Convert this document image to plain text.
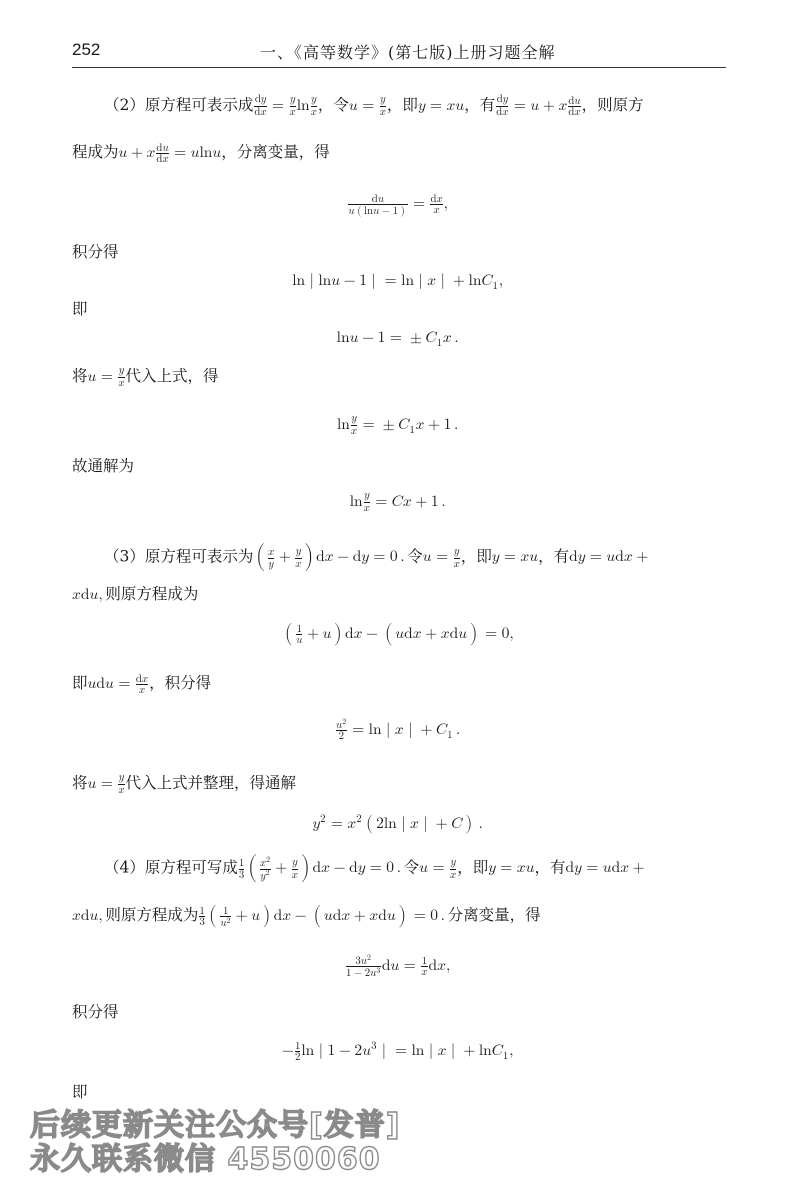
252	一、《高等数学》(第七版)上册习题全解
（2）原方程可表示成 d y
d x = y
𝑥 ln y
𝑥 ，令 u = y
𝑥 ，即 y = x u ，有 d y
d x = u + x d u
d x ，则原方
程成为 u + x d u
d x = u ln u ，分离变量，得
d u
𝑢 ( ln u − 1 ) = d x
𝑥 ,
积分得
ln | ln u − 1 | = ln | x | + ln C 1 ,
即
ln u − 1 = ± C 1 x .
将 u = y
𝑥 代入上式，得
ln y
𝑥 = ± C 1 x + 1 .
故通解为
ln y
𝑥 = C x + 1 .
（3）原方程可表示为 ( x
𝑦 + y
𝑥
) d x − d y = 0 . 令 u = y
𝑥 ，即 y = x u ，有 d y = u d x +
𝑥 d u , 则原方程成为
( 1
𝑢 + u ) d x − ( u d x + x d u ) = 0 ,
即 u d u = d x
𝑥 ，积分得
𝑢 2
2 = ln | x | + C 1 .
将 u = y
𝑥 代入上式并整理，得通解
𝑦 2 = x 2 ( 2 ln | x | + C ) .
（4）原方程可写成 1
3
( x 2
𝑦 2 + y
𝑥
) d x − d y = 0 . 令 u = y
𝑥 ，即 y = x u ，有 d y = u d x +
𝑥 d u , 则原方程成为 1
3
(	1
𝑢 2 + u ) d x − ( u d x + x d u ) = 0 . 分离变量，得
3 u 2
1 − 2 u 3 d u = 1
𝑥 d x ,
积分得
− 1
2 ln | 1 − 2 u 3 | = ln | x | + ln C 1 ,
即
后续更新关注公众号[发普]
永久联系微信 4550060
